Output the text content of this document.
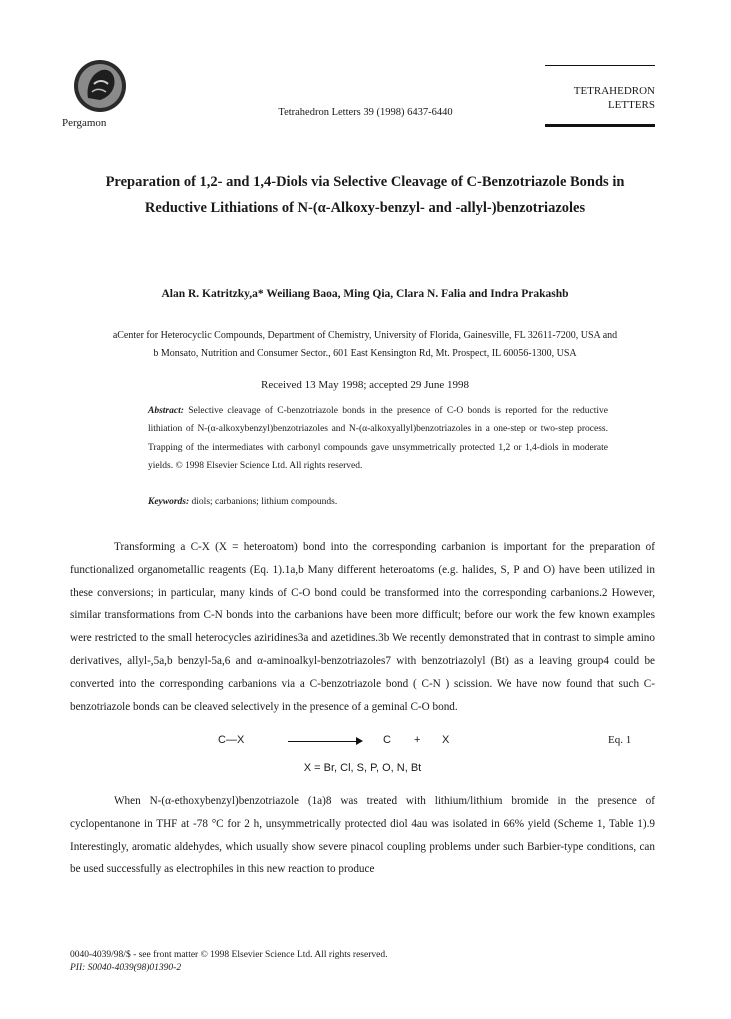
Pergamon
Tetrahedron Letters 39 (1998) 6437-6440
TETRAHEDRON
LETTERS
Preparation of 1,2- and 1,4-Diols via Selective Cleavage of C-Benzotriazole Bonds in
Reductive Lithiations of N-(α-Alkoxy-benzyl- and -allyl-)benzotriazoles
Alan R. Katritzky,a* Weiliang Baoa, Ming Qia, Clara N. Falia and Indra Prakashb
aCenter for Heterocyclic Compounds, Department of Chemistry, University of Florida, Gainesville, FL 32611-7200, USA and
b Monsato, Nutrition and Consumer Sector., 601 East Kensington Rd, Mt. Prospect, IL 60056-1300, USA
Received 13 May 1998; accepted 29 June 1998
Abstract: Selective cleavage of C-benzotriazole bonds in the presence of C-O bonds is reported for the reductive lithiation of N-(α-alkoxybenzyl)benzotriazoles and N-(α-alkoxyallyl)benzotriazoles in a one-step or two-step process. Trapping of the intermediates with carbonyl compounds gave unsymmetrically protected 1,2 or 1,4-diols in moderate yields. © 1998 Elsevier Science Ltd. All rights reserved.
Keywords: diols; carbanions; lithium compounds.
Transforming a C-X (X = heteroatom) bond into the corresponding carbanion is important for the preparation of functionalized organometallic reagents (Eq. 1).1a,b Many different heteroatoms (e.g. halides, S, P and O) have been utilized in these conversions; in particular, many kinds of C-O bond could be transformed into the corresponding carbanions.2 However, similar transformations from C-N bonds into the carbanions have been more difficult; before our work the few known examples were restricted to the small heterocycles aziridines3a and azetidines.3b We recently demonstrated that in contrast to simple amino derivatives, allyl-,5a,b benzyl-5a,6 and α-aminoalkyl-benzotriazoles7 with benzotriazolyl (Bt) as a leaving group4 could be converted into the corresponding carbanions via a C-benzotriazole bond ( C-N ) scission. We have now found that such C-benzotriazole bonds can be cleaved selectively in the presence of a geminal C-O bond.
C—X	C + X	Eq. 1
X = Br, Cl, S, P, O, N, Bt
When N-(α-ethoxybenzyl)benzotriazole (1a)8 was treated with lithium/lithium bromide in the presence of cyclopentanone in THF at -78 °C for 2 h, unsymmetrically protected diol 4au was isolated in 66% yield (Scheme 1, Table 1).9 Interestingly, aromatic aldehydes, which usually show severe pinacol coupling problems under such Barbier-type conditions, can be used successfully as electrophiles in this new reaction to produce
0040-4039/98/$ - see front matter © 1998 Elsevier Science Ltd. All rights reserved.
PII: S0040-4039(98)01390-2
